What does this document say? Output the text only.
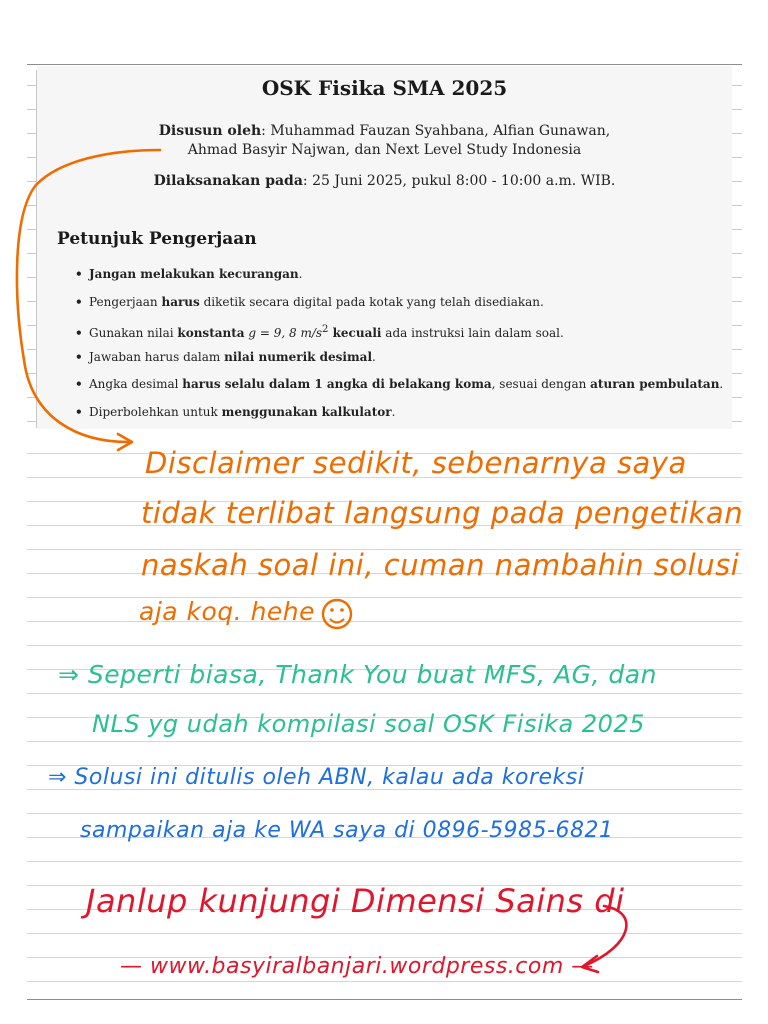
OSK Fisika SMA 2025
Disusun oleh: Muhammad Fauzan Syahbana, Alfian Gunawan,
Ahmad Basyir Najwan, dan Next Level Study Indonesia
Dilaksanakan pada: 25 Juni 2025, pukul 8:00 - 10:00 a.m. WIB.
Petunjuk Pengerjaan
• Jangan melakukan kecurangan.
• Pengerjaan harus diketik secara digital pada kotak yang telah disediakan.
• Gunakan nilai konstanta g = 9, 8 $m/s^2$ kecuali ada instruksi lain dalam soal.
• Jawaban harus dalam nilai numerik desimal.
• Angka desimal harus selalu dalam 1 angka di belakang koma, sesuai dengan aturan pembulatan.
• Diperbolehkan untuk menggunakan kalkulator.
Disclaimer sedikit, sebenarnya saya
tidak terlibat langsung pada pengetikan
naskah soal ini, cuman nambahin solusi
aja koq. hehe
⇒ Seperti biasa, Thank You buat MFS, AG, dan
NLS yg udah kompilasi soal OSK Fisika 2025
⇒ Solusi ini ditulis oleh ABN, kalau ada koreksi
sampaikan aja ke WA saya di 0896-5985-6821
Janlup kunjungi Dimensi Sains di
— www.basyiralbanjari.wordpress.com —
